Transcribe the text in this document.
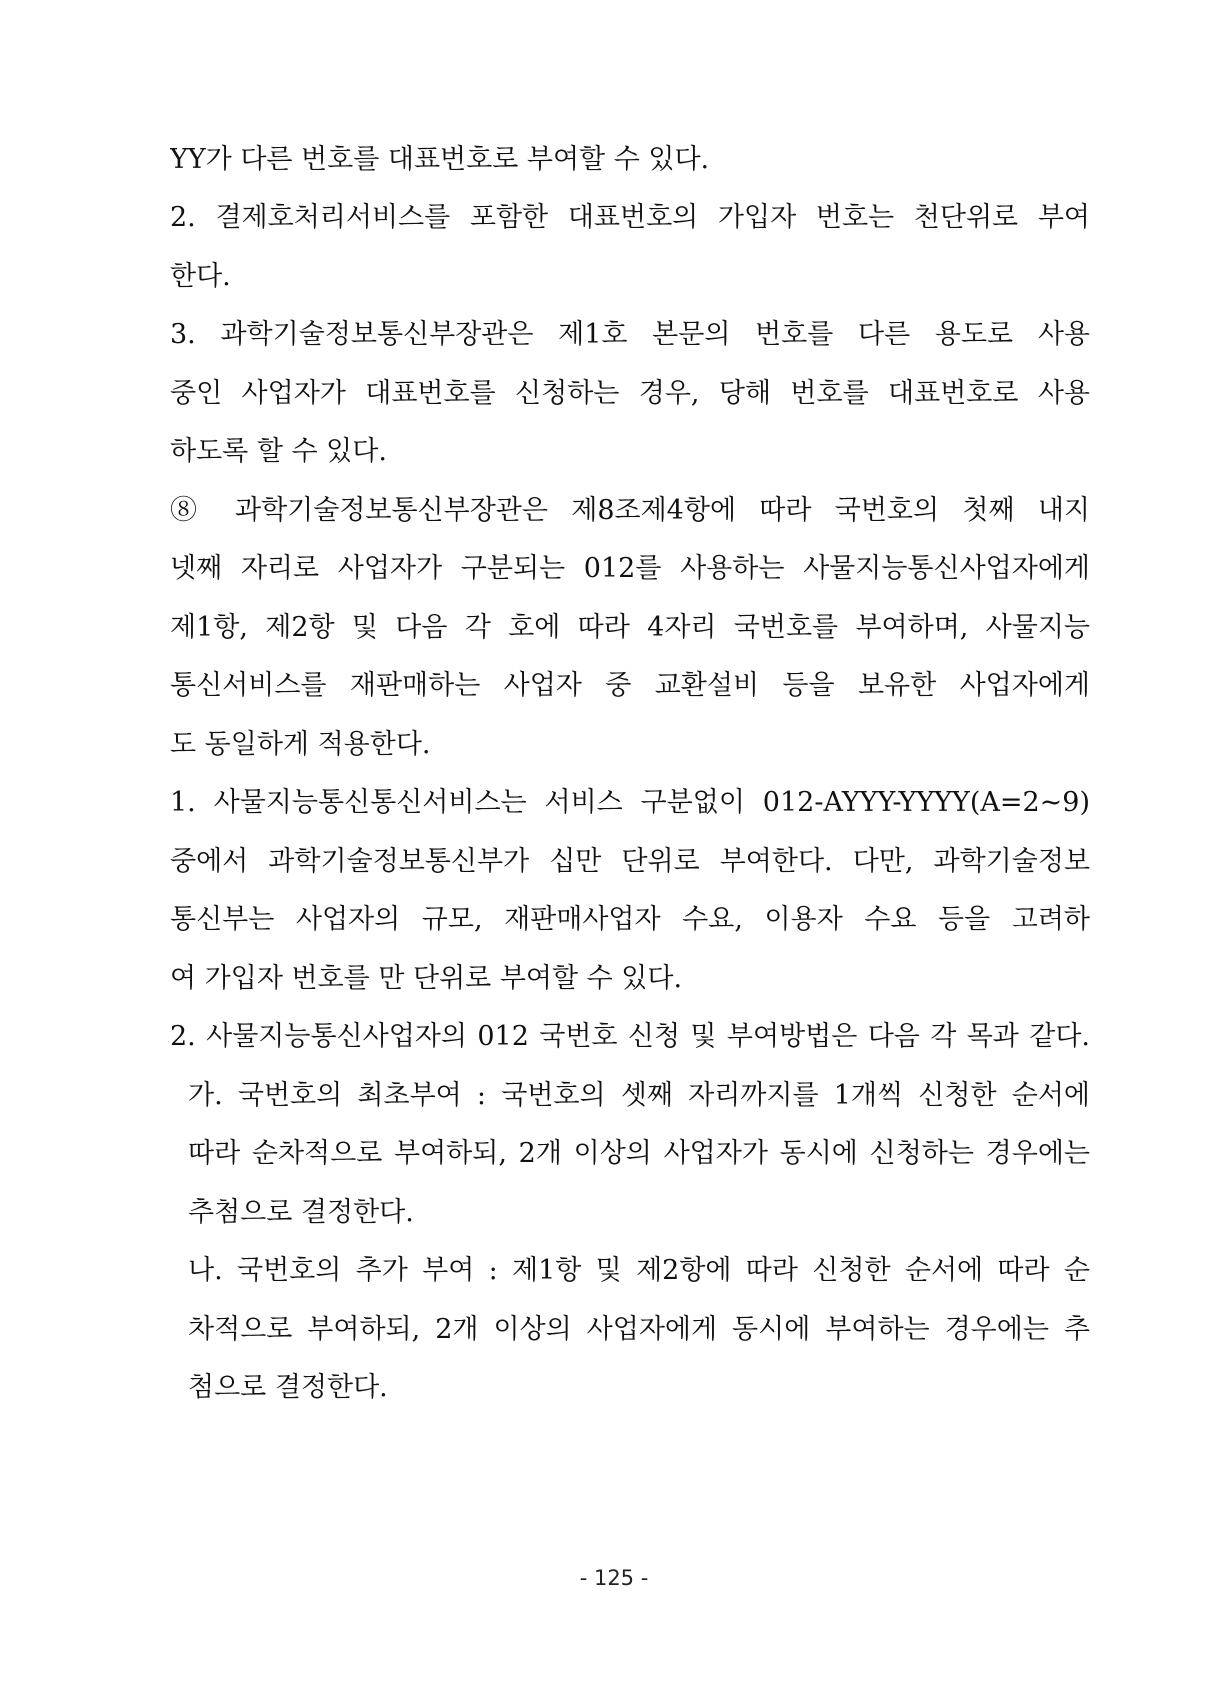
YY가 다른 번호를 대표번호로 부여할 수 있다.
2. 결제호처리서비스를 포함한 대표번호의 가입자 번호는 천단위로 부여
한다.
3. 과학기술정보통신부장관은 제1호 본문의 번호를 다른 용도로 사용
중인 사업자가 대표번호를 신청하는 경우, 당해 번호를 대표번호로 사용
하도록 할 수 있다.
⑧ 과학기술정보통신부장관은 제8조제4항에 따라 국번호의 첫째 내지
넷째 자리로 사업자가 구분되는 012를 사용하는 사물지능통신사업자에게
제1항, 제2항 및 다음 각 호에 따라 4자리 국번호를 부여하며, 사물지능
통신서비스를 재판매하는 사업자 중 교환설비 등을 보유한 사업자에게
도 동일하게 적용한다.
1. 사물지능통신통신서비스는 서비스 구분없이 012-AYYY-YYYY(A=2~9)
중에서 과학기술정보통신부가 십만 단위로 부여한다. 다만, 과학기술정보
통신부는 사업자의 규모, 재판매사업자 수요, 이용자 수요 등을 고려하
여 가입자 번호를 만 단위로 부여할 수 있다.
2. 사물지능통신사업자의 012 국번호 신청 및 부여방법은 다음 각 목과 같다.
가. 국번호의 최초부여 : 국번호의 셋째 자리까지를 1개씩 신청한 순서에
따라 순차적으로 부여하되, 2개 이상의 사업자가 동시에 신청하는 경우에는
추첨으로 결정한다.
나. 국번호의 추가 부여 : 제1항 및 제2항에 따라 신청한 순서에 따라 순
차적으로 부여하되, 2개 이상의 사업자에게 동시에 부여하는 경우에는 추
첨으로 결정한다.
- 125 -
